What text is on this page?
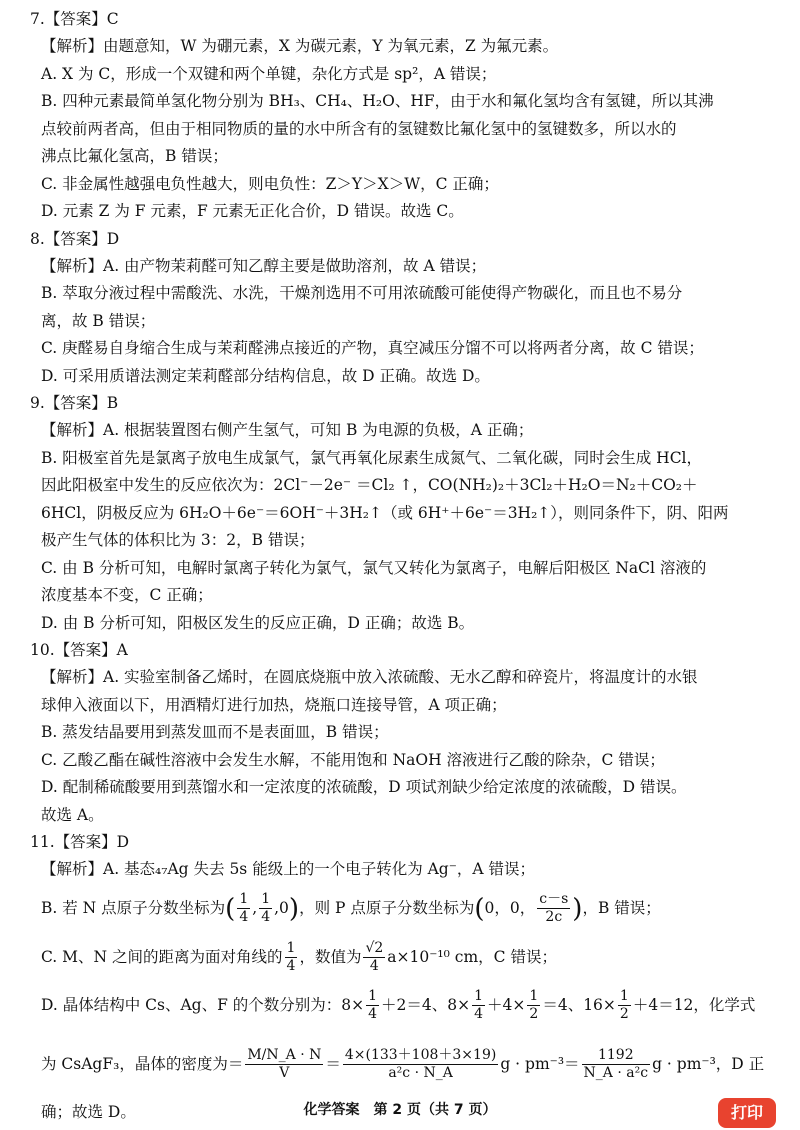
7.【答案】C
【解析】由题意知，W 为硼元素，X 为碳元素，Y 为氧元素，Z 为氟元素。
A. X 为 C，形成一个双键和两个单键，杂化方式是 sp²，A 错误；
B. 四种元素最简单氢化物分别为 BH₃、CH₄、H₂O、HF，由于水和氟化氢均含有氢键，所以其沸
点较前两者高，但由于相同物质的量的水中所含有的氢键数比氟化氢中的氢键数多，所以水的
沸点比氟化氢高，B 错误；
C. 非金属性越强电负性越大，则电负性：Z＞Y＞X＞W，C 正确；
D. 元素 Z 为 F 元素，F 元素无正化合价，D 错误。故选 C。
8.【答案】D
【解析】A. 由产物茉莉醛可知乙醇主要是做助溶剂，故 A 错误；
B. 萃取分液过程中需酸洗、水洗，干燥剂选用不可用浓硫酸可能使得产物碳化，而且也不易分
离，故 B 错误；
C. 庚醛易自身缩合生成与茉莉醛沸点接近的产物，真空减压分馏不可以将两者分离，故 C 错误；
D. 可采用质谱法测定茉莉醛部分结构信息，故 D 正确。故选 D。
9.【答案】B
【解析】A. 根据装置图右侧产生氢气，可知 B 为电源的负极，A 正确；
B. 阳极室首先是氯离子放电生成氯气，氯气再氧化尿素生成氮气、二氧化碳，同时会生成 HCl，
因此阳极室中发生的反应依次为：2Cl⁻－2e⁻ ＝Cl₂ ↑，CO(NH₂)₂＋3Cl₂＋H₂O＝N₂＋CO₂＋
6HCl，阴极反应为 6H₂O＋6e⁻＝6OH⁻＋3H₂↑（或 6H⁺＋6e⁻＝3H₂↑），则同条件下，阴、阳两
极产生气体的体积比为 3：2，B 错误；
C. 由 B 分析可知，电解时氯离子转化为氯气，氯气又转化为氯离子，电解后阳极区 NaCl 溶液的
浓度基本不变，C 正确；
D. 由 B 分析可知，阳极区发生的反应正确，D 正确；故选 B。
10.【答案】A
【解析】A. 实验室制备乙烯时，在圆底烧瓶中放入浓硫酸、无水乙醇和碎瓷片，将温度计的水银
球伸入液面以下，用酒精灯进行加热，烧瓶口连接导管，A 项正确；
B. 蒸发结晶要用到蒸发皿而不是表面皿，B 错误；
C. 乙酸乙酯在碱性溶液中会发生水解，不能用饱和 NaOH 溶液进行乙酸的除杂，C 错误；
D. 配制稀硫酸要用到蒸馏水和一定浓度的浓硫酸，D 项试剂缺少给定浓度的浓硫酸，D 错误。
故选 A。
11.【答案】D
【解析】A. 基态₄₇Ag 失去 5s 能级上的一个电子转化为 Ag⁻，A 错误；
B. 若 N 点原子分数坐标为( $\frac{1}{4}$ , $\frac{1}{4} ,0$)，则 P 点原子分数坐标为(0，0， $\frac{c-s}{2c}$ )，B 错误；
C. M、N 之间的距离为面对角线的 $\frac{1}{4}$ ，数值为 $\frac{√2}{4} a\times 10^{-10}$ cm，C 错误；
D. 晶体结构中 Cs、Ag、F 的个数分别为：$8\times \frac{1}{4} +2=4$、$8\times \frac{1}{4} +4\times \frac{1}{2} =4$、$16\times \frac{1}{2} +4=12$，化学式
为 CsAgF₃，晶体的密度为＝ $\frac{M/N\_A \cdot N}{V} = \frac{4\times(133+108+3\times 19)}{\text{a²c · N\_A}}$ $g \cdot pm^{-3}= \frac{1192}{\text{N\_A · a²c}}$ g · pm⁻³，D 正
确；故选 D。	化学答案　第 2 页（共 7 页）	打印
